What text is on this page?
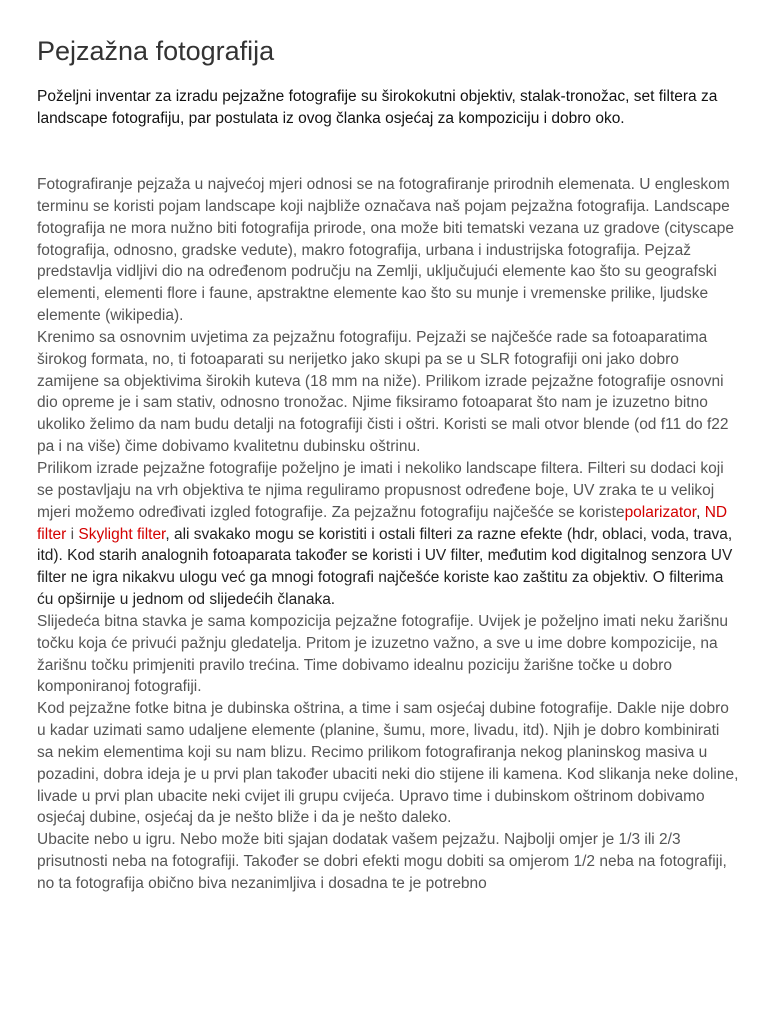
Pejzažna fotografija

Poželjni inventar za izradu pejzažne fotografije su širokokutni objektiv, stalak-tronožac, set filtera za landscape fotografiju, par postulata iz ovog članka osjećaj za kompoziciju i dobro oko.

Fotografiranje pejzaža u najvećoj mjeri odnosi se na fotografiranje prirodnih elemenata. U engleskom terminu se koristi pojam landscape koji najbliže označava naš pojam pejzažna fotografija. Landscape fotografija ne mora nužno biti fotografija prirode, ona može biti tematski vezana uz gradove (cityscape fotografija, odnosno, gradske vedute), makro fotografija, urbana i industrijska fotografija. Pejzaž predstavlja vidljivi dio na određenom području na Zemlji, uključujući elemente kao što su geografski elementi, elementi flore i faune, apstraktne elemente kao što su munje i vremenske prilike, ljudske elemente (wikipedia).

Krenimo sa osnovnim uvjetima za pejzažnu fotografiju. Pejzaži se najčešće rade sa fotoaparatima širokog formata, no, ti fotoaparati su nerijetko jako skupi pa se u SLR fotografiji oni jako dobro zamijene sa objektivima širokih kuteva (18 mm na niže). Prilikom izrade pejzažne fotografije osnovni dio opreme je i sam stativ, odnosno tronožac. Njime fiksiramo fotoaparat što nam je izuzetno bitno ukoliko želimo da nam budu detalji na fotografiji čisti i oštri. Koristi se mali otvor blende (od f11 do f22 pa i na više) čime dobivamo kvalitetnu dubinsku oštrinu.

Prilikom izrade pejzažne fotografije poželjno je imati i nekoliko landscape filtera. Filteri su dodaci koji se postavljaju na vrh objektiva te njima reguliramo propusnost određene boje, UV zraka te u velikoj mjeri možemo određivati izgled fotografije. Za pejzažnu fotografiju najčešće se koristepolarizator, ND filter i Skylight filter, ali svakako mogu se koristiti i ostali filteri za razne efekte (hdr, oblaci, voda, trava, itd). Kod starih analognih fotoaparata također se koristi i UV filter, međutim kod digitalnog senzora UV filter ne igra nikakvu ulogu već ga mnogi fotografi najčešće koriste kao zaštitu za objektiv. O filterima ću opširnije u jednom od slijedećih članaka.

Slijedeća bitna stavka je sama kompozicija pejzažne fotografije. Uvijek je poželjno imati neku žarišnu točku koja će privući pažnju gledatelja. Pritom je izuzetno važno, a sve u ime dobre kompozicije, na žarišnu točku primjeniti pravilo trećina. Time dobivamo idealnu poziciju žarišne točke u dobro komponiranoj fotografiji.

Kod pejzažne fotke bitna je dubinska oštrina, a time i sam osjećaj dubine fotografije. Dakle nije dobro u kadar uzimati samo udaljene elemente (planine, šumu, more, livadu, itd). Njih je dobro kombinirati sa nekim elementima koji su nam blizu. Recimo prilikom fotografiranja nekog planinskog masiva u pozadini, dobra ideja je u prvi plan također ubaciti neki dio stijene ili kamena. Kod slikanja neke doline, livade u prvi plan ubacite neki cvijet ili grupu cvijeća. Upravo time i dubinskom oštrinom dobivamo osjećaj dubine, osjećaj da je nešto bliže i da je nešto daleko.

Ubacite nebo u igru. Nebo može biti sjajan dodatak vašem pejzažu. Najbolji omjer je 1/3 ili 2/3 prisutnosti neba na fotografiji. Također se dobri efekti mogu dobiti sa omjerom 1/2 neba na fotografiji, no ta fotografija obično biva nezanimljiva i dosadna te je potrebno
